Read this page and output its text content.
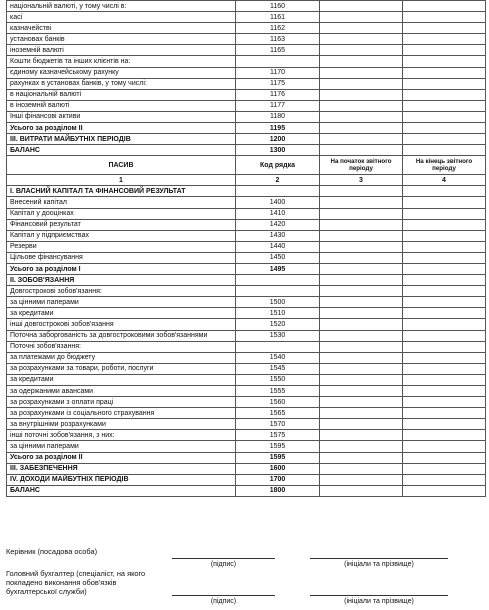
національній валюті, у тому числі в:	1160		
касі	1161		
казначействі	1162		
установах банків	1163		
іноземній валюті	1165		
Кошти бюджетів та інших клієнтів на:			
єдиному казначейському рахунку	1170		
рахунках в установах банків, у тому числі:	1175		
в національній валюті	1176		
в іноземній валюті	1177		
Інші фінансові активи	1180		
Усього за розділом II	1195		
III. ВИТРАТИ МАЙБУТНІХ ПЕРІОДІВ	1200		
БАЛАНС	1300		
ПАСИВ	Код рядка	На початок звітного періоду	На кінець звітного періоду
1	2	3	4
I. ВЛАСНИЙ КАПІТАЛ ТА ФІНАНСОВИЙ РЕЗУЛЬТАТ			
Внесений капітал	1400		
Капітал у дооцінках	1410		
Фінансовий результат	1420		
Капітал у підприємствах	1430		
Резерви	1440		
Цільове фінансування	1450		
Усього за розділом I	1495		
II. ЗОБОВ'ЯЗАННЯ			
Довгострокові зобов'язання:			
за цінними паперами	1500		
за кредитами	1510		
інші довгострокові зобов'язання	1520		
Поточна заборгованість за довгостроковими зобов'язаннями	1530		
Поточні зобов'язання:			
за платежами до бюджету	1540		
за розрахунками за товари, роботи, послуги	1545		
за кредитами	1550		
за одержаними авансами	1555		
за розрахунками з оплати праці	1560		
за розрахунками із соціального страхування	1565		
за внутрішніми розрахунками	1570		
інші поточні зобов'язання, з них:	1575		
за цінними паперами	1595		
Усього за розділом II	1595		
III. ЗАБЕЗПЕЧЕННЯ	1600		
IV. ДОХОДИ МАЙБУТНІХ ПЕРІОДІВ	1700		
БАЛАНС	1800		
Керівник (посадова особа)
(підпис)	(ініціали та прізвище)
Головний бухгалтер (спеціаліст, на якого покладено виконання обов'язків бухгалтерської служби)
(підпис)	(ініціали та прізвище)
